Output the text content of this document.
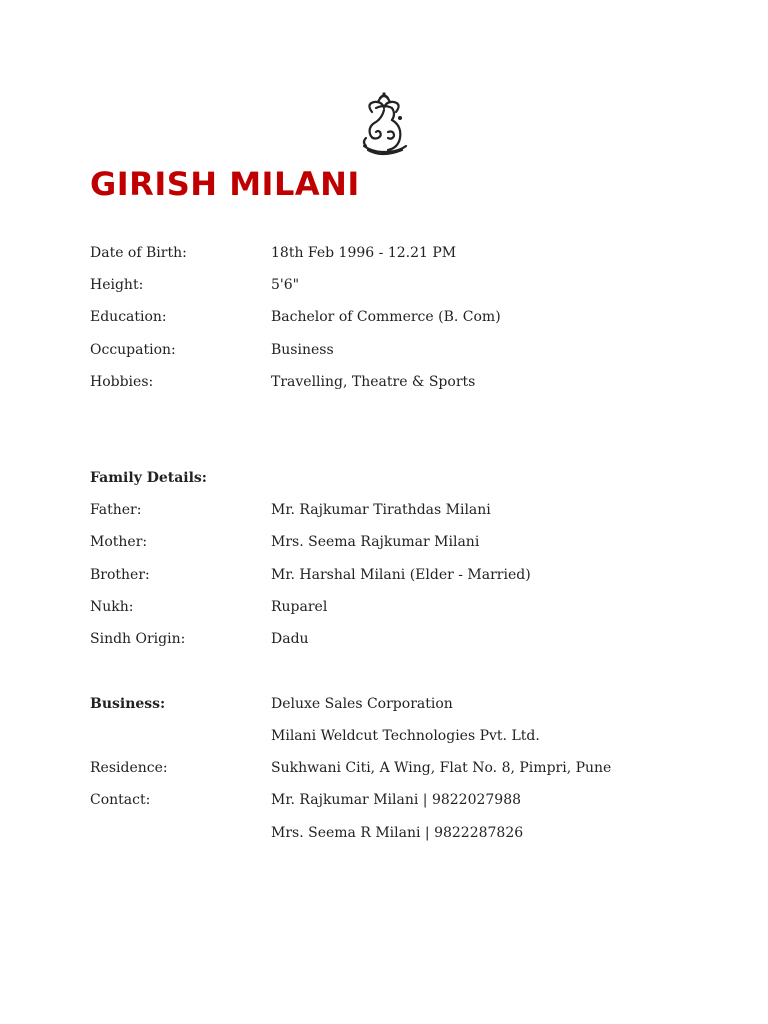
GIRISH MILANI
Date of Birth:	18th Feb 1996 - 12.21 PM
Height:	5'6"
Education:	Bachelor of Commerce (B. Com)
Occupation:	Business
Hobbies:	Travelling, Theatre & Sports
Family Details:
Father:	Mr. Rajkumar Tirathdas Milani
Mother:	Mrs. Seema Rajkumar Milani
Brother:	Mr. Harshal Milani (Elder - Married)
Nukh:	Ruparel
Sindh Origin:	Dadu
Business:	Deluxe Sales Corporation
Milani Weldcut Technologies Pvt. Ltd.
Residence:	Sukhwani Citi, A Wing, Flat No. 8, Pimpri, Pune
Contact:	Mr. Rajkumar Milani | 9822027988
Mrs. Seema R Milani | 9822287826
